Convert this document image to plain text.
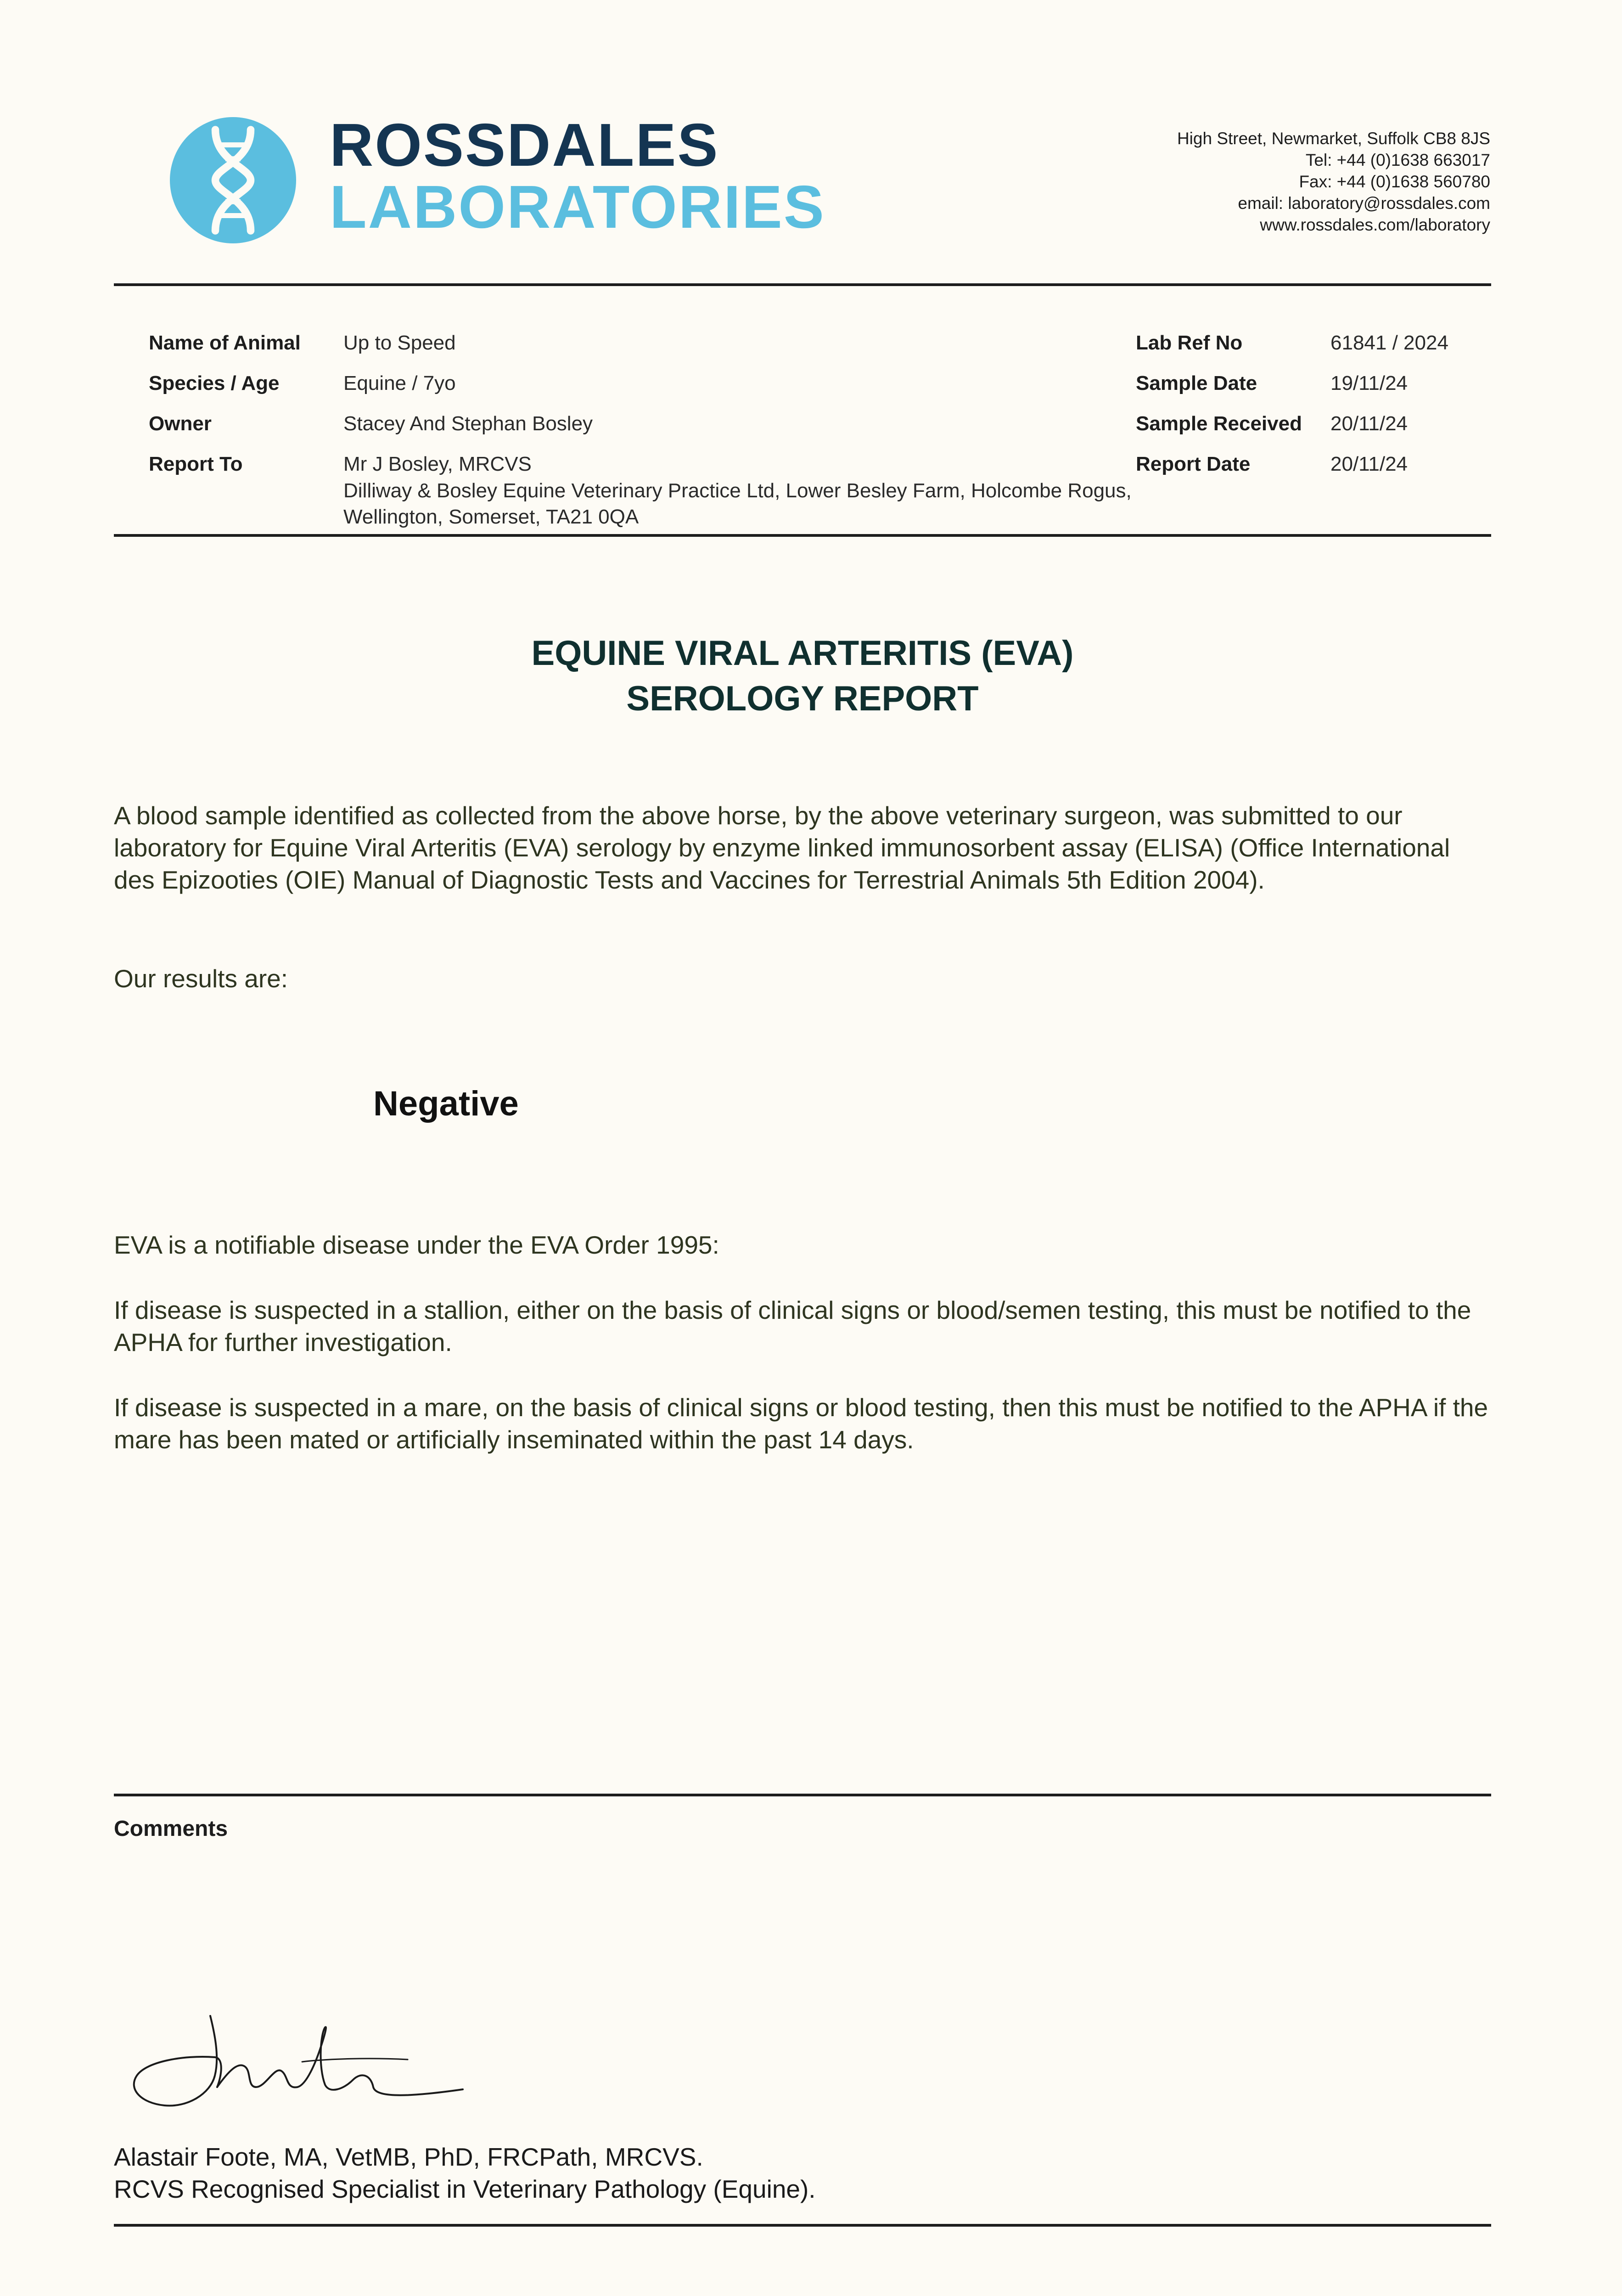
ROSSDALES
LABORATORIES
High Street, Newmarket, Suffolk CB8 8JS
Tel: +44 (0)1638 663017
Fax: +44 (0)1638 560780
email: laboratory@rossdales.com
www.rossdales.com/laboratory
Name of Animal Up to Speed
Species / Age	Equine / 7yo
Owner	Stacey And Stephan Bosley
Report To	Mr J Bosley, MRCVS
Dilliway & Bosley Equine Veterinary Practice Ltd, Lower Besley Farm, Holcombe Rogus, Wellington, Somerset, TA21 0QA
Lab Ref No	61841 / 2024
Sample Date	19/11/24
Sample Received 20/11/24
Report Date	20/11/24
EQUINE VIRAL ARTERITIS (EVA)
SEROLOGY REPORT
A blood sample identified as collected from the above horse, by the above veterinary surgeon, was submitted to our laboratory for Equine Viral Arteritis (EVA) serology by enzyme linked immunosorbent assay (ELISA) (Office International des Epizooties (OIE) Manual of Diagnostic Tests and Vaccines for Terrestrial Animals 5th Edition 2004).
Our results are:
Negative
EVA is a notifiable disease under the EVA Order 1995:
If disease is suspected in a stallion, either on the basis of clinical signs or blood/semen testing, this must be notified to the APHA for further investigation.
If disease is suspected in a mare, on the basis of clinical signs or blood testing, then this must be notified to the APHA if the mare has been mated or artificially inseminated within the past 14 days.
Comments
Alastair Foote, MA, VetMB, PhD, FRCPath, MRCVS.
RCVS Recognised Specialist in Veterinary Pathology (Equine).
